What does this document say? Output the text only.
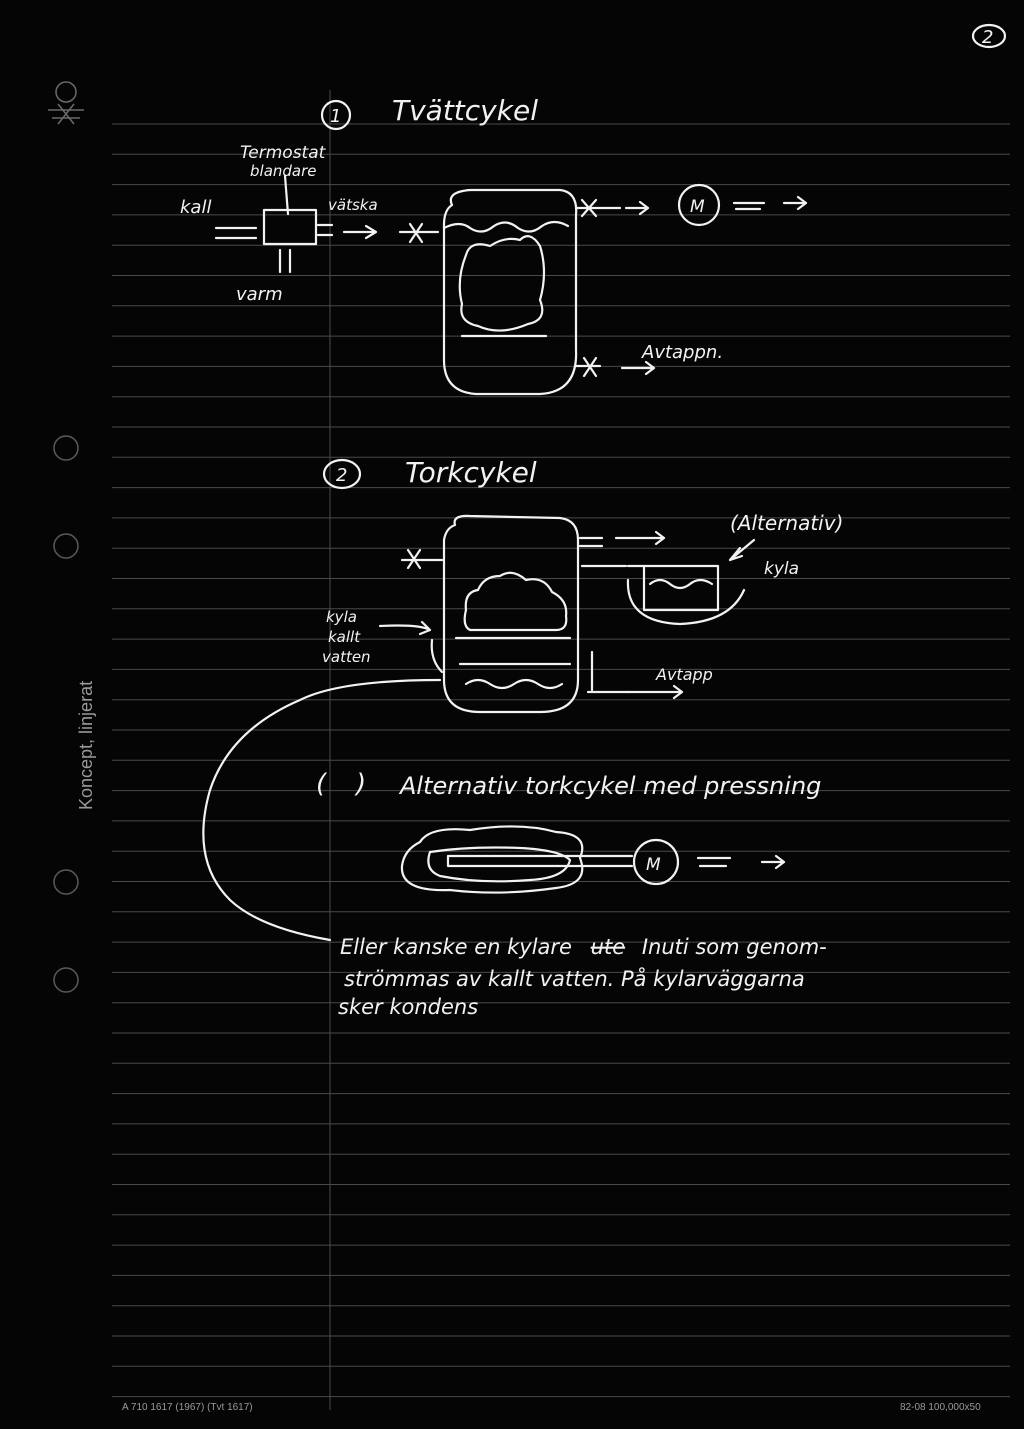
Koncept, linjerat
2
1 Tvättcykel
Termostat
blandare
kall
varm
vätska	M
Avtappn.
2 Torkcykel
(Alternativ)
kyla
kyla
kallt
vatten
Avtapp
( ) Alternativ torkcykel med pressning
M
Eller kanske en kylare ute Inuti som genom-
strömmas av kallt vatten. På kylarväggarna
sker kondens
A 710 1617 (1967) (Tvt 1617)	82-08 100,000x50
